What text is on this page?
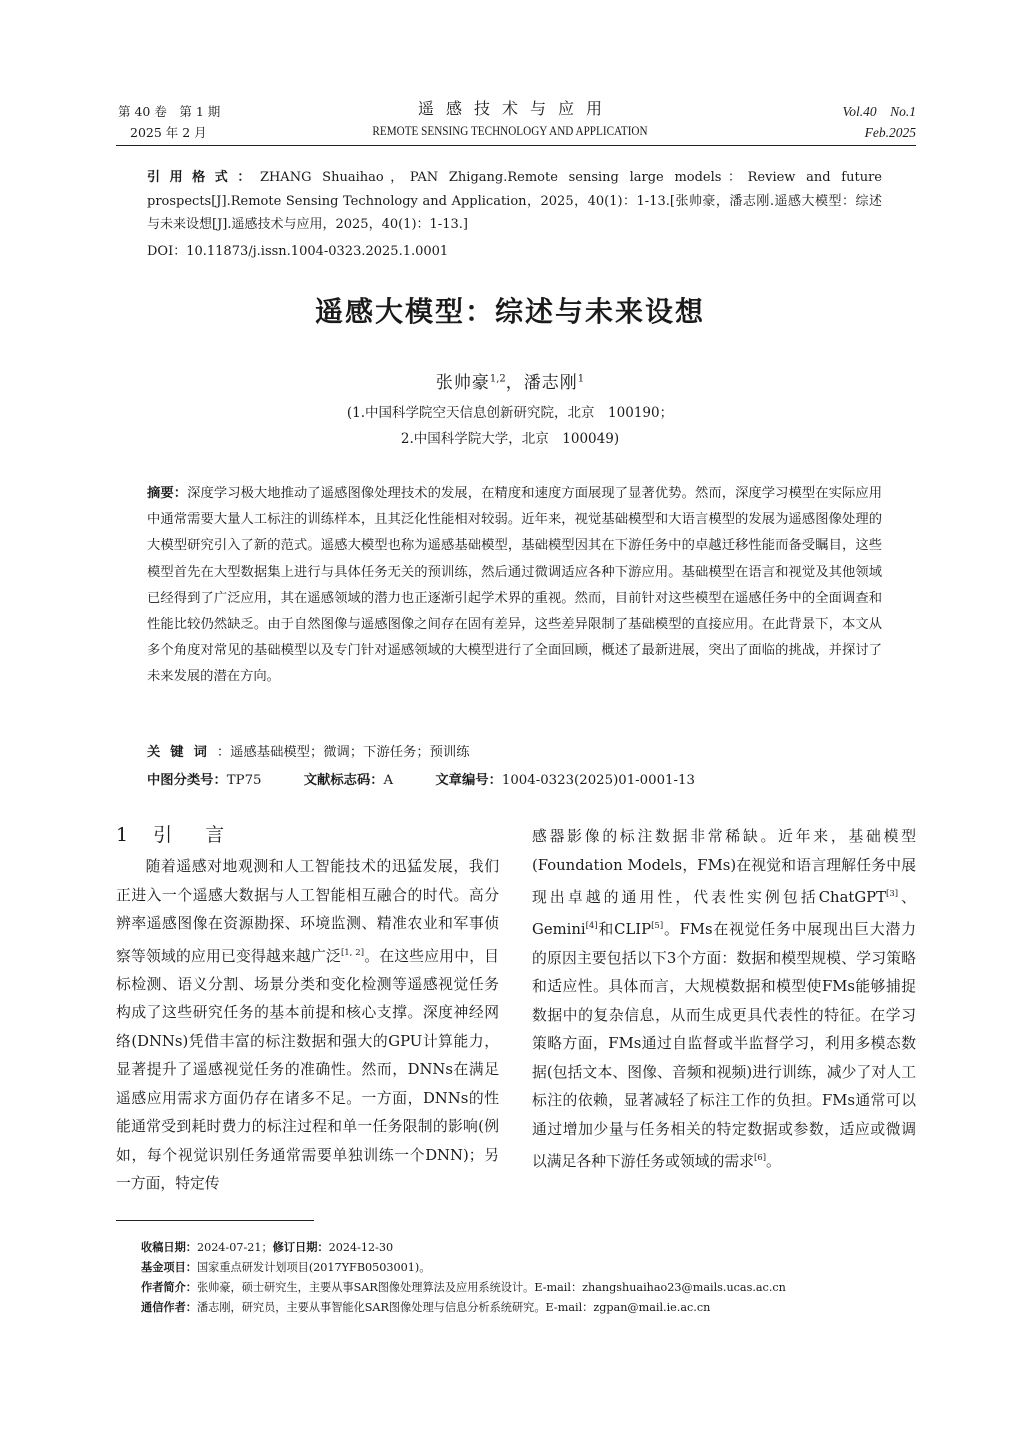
第 40 卷　第 1 期
2025 年 2 月
遥感技术与应用
REMOTE SENSING TECHNOLOGY AND APPLICATION
Vol.40　No.1
Feb.2025
引用格式：ZHANG Shuaihao，PAN Zhigang.Remote sensing large models：Review and future prospects[J].Remote Sensing Technology and Application，2025，40(1)：1-13.[张帅豪，潘志刚.遥感大模型：综述与未来设想[J].遥感技术与应用，2025，40(1)：1-13.]
DOI：10.11873/j.issn.1004-0323.2025.1.0001
遥感大模型：综述与未来设想
张帅豪$^{1,2}$，潘志刚$^1$
(1.中国科学院空天信息创新研究院，北京　100190；
2.中国科学院大学，北京　100049)
摘要：深度学习极大地推动了遥感图像处理技术的发展，在精度和速度方面展现了显著优势。然而，深度学习模型在实际应用中通常需要大量人工标注的训练样本，且其泛化性能相对较弱。近年来，视觉基础模型和大语言模型的发展为遥感图像处理的大模型研究引入了新的范式。遥感大模型也称为遥感基础模型，基础模型因其在下游任务中的卓越迁移性能而备受瞩目，这些模型首先在大型数据集上进行与具体任务无关的预训练，然后通过微调适应各种下游应用。基础模型在语言和视觉及其他领域已经得到了广泛应用，其在遥感领域的潜力也正逐渐引起学术界的重视。然而，目前针对这些模型在遥感任务中的全面调查和性能比较仍然缺乏。由于自然图像与遥感图像之间存在固有差异，这些差异限制了基础模型的直接应用。在此背景下，本文从多个角度对常见的基础模型以及专门针对遥感领域的大模型进行了全面回顾，概述了最新进展，突出了面临的挑战，并探讨了未来发展的潜在方向。
关键词：遥感基础模型；微调；下游任务；预训练
中图分类号：TP75	文献标志码：A	文章编号：1004-0323(2025)01-0001-13
1 引 言

随着遥感对地观测和人工智能技术的迅猛发展，我们正进入一个遥感大数据与人工智能相互融合的时代。高分辨率遥感图像在资源勘探、环境监测、精准农业和军事侦察等领域的应用已变得越来越广泛[1, 2]。在这些应用中，目标检测、语义分割、场景分类和变化检测等遥感视觉任务构成了这些研究任务的基本前提和核心支撑。深度神经网络(DNNs)凭借丰富的标注数据和强大的GPU计算能力，显著提升了遥感视觉任务的准确性。然而，DNNs在满足遥感应用需求方面仍存在诸多不足。一方面，DNNs的性能通常受到耗时费力的标注过程和单一任务限制的影响(例如，每个视觉识别任务通常需要单独训练一个DNN)；另一方面，特定传

感器影像的标注数据非常稀缺。近年来，基础模型(Foundation Models，FMs)在视觉和语言理解任务中展现出卓越的通用性，代表性实例包括ChatGPT[3]、Gemini[4]和CLIP[5]。FMs在视觉任务中展现出巨大潜力的原因主要包括以下3个方面：数据和模型规模、学习策略和适应性。具体而言，大规模数据和模型使FMs能够捕捉数据中的复杂信息，从而生成更具代表性的特征。在学习策略方面，FMs通过自监督或半监督学习，利用多模态数据(包括文本、图像、音频和视频)进行训练，减少了对人工标注的依赖，显著减轻了标注工作的负担。FMs通常可以通过增加少量与任务相关的特定数据或参数，适应或微调以满足各种下游任务或领域的需求[6]。

收稿日期：2024-07-21；修订日期：2024-12-30
基金项目：国家重点研发计划项目(2017YFB0503001)。
作者简介：张帅豪，硕士研究生，主要从事SAR图像处理算法及应用系统设计。E-mail：zhangshuaihao23@mails.ucas.ac.cn
通信作者：潘志刚，研究员，主要从事智能化SAR图像处理与信息分析系统研究。E-mail：zgpan@mail.ie.ac.cn
